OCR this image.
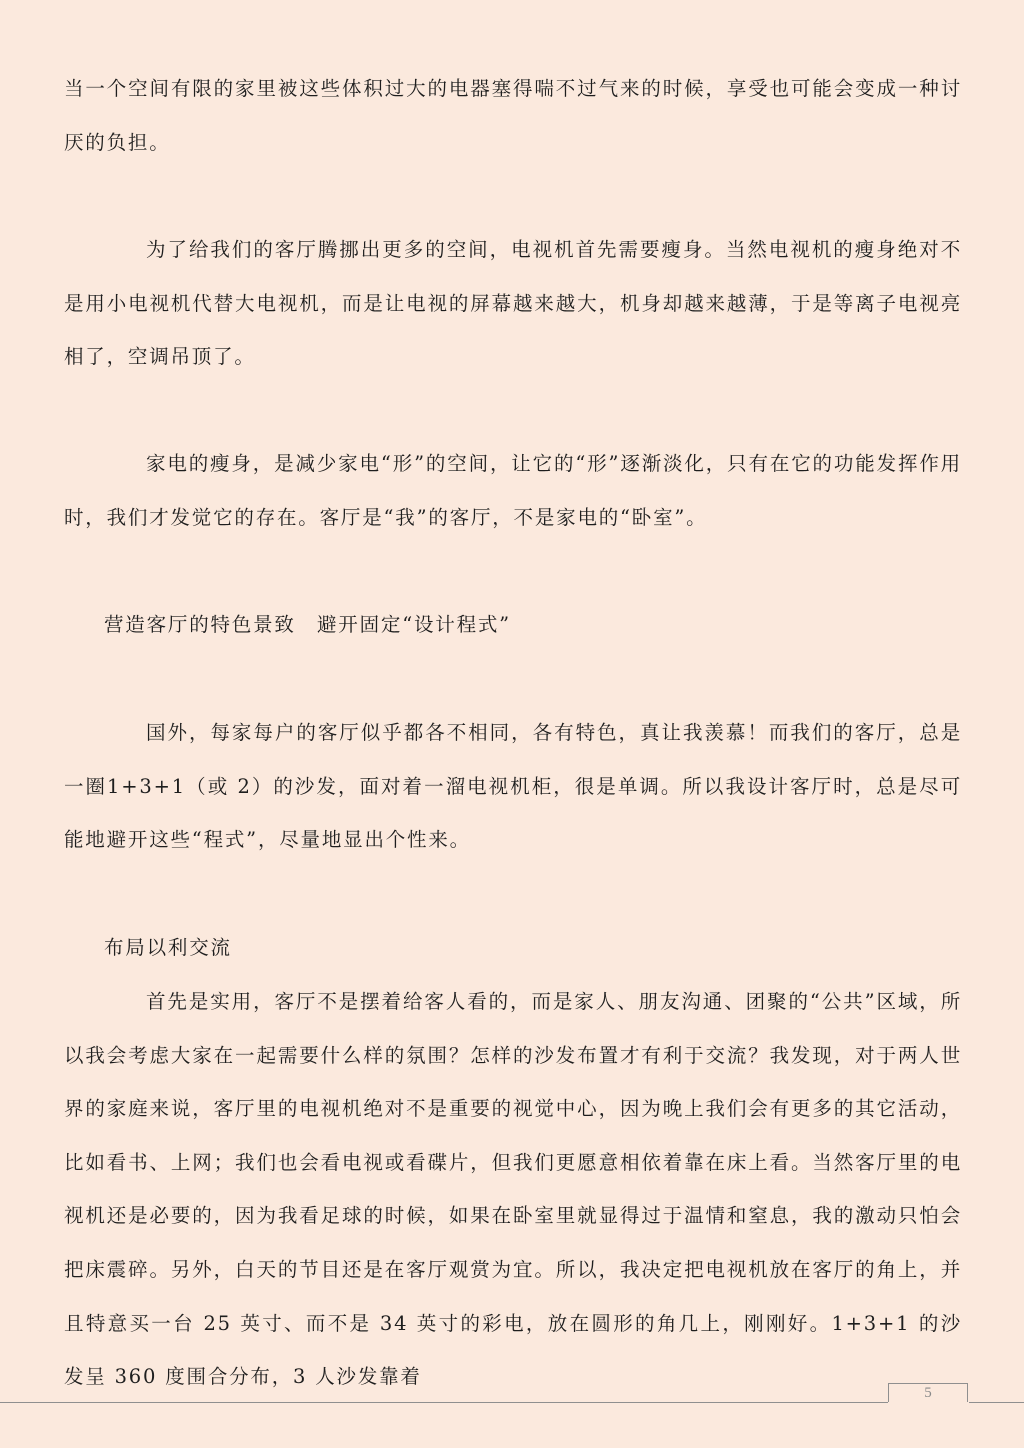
当一个空间有限的家里被这些体积过大的电器塞得喘不过气来的时候，享受也可能会变成一种讨厌的负担。

为了给我们的客厅腾挪出更多的空间，电视机首先需要瘦身。当然电视机的瘦身绝对不是用小电视机代替大电视机，而是让电视的屏幕越来越大，机身却越来越薄，于是等离子电视亮相了，空调吊顶了。

家电的瘦身，是减少家电“形”的空间，让它的“形”逐渐淡化，只有在它的功能发挥作用时，我们才发觉它的存在。客厅是“我”的客厅，不是家电的“卧室”。

营造客厅的特色景致　避开固定“设计程式”

国外，每家每户的客厅似乎都各不相同，各有特色，真让我羡慕！而我们的客厅，总是一圈1+3+1（或 2）的沙发，面对着一溜电视机柜，很是单调。所以我设计客厅时，总是尽可能地避开这些“程式”，尽量地显出个性来。

布局以利交流

首先是实用，客厅不是摆着给客人看的，而是家人、朋友沟通、团聚的“公共”区域，所以我会考虑大家在一起需要什么样的氛围？怎样的沙发布置才有利于交流？我发现，对于两人世界的家庭来说，客厅里的电视机绝对不是重要的视觉中心，因为晚上我们会有更多的其它活动，比如看书、上网；我们也会看电视或看碟片，但我们更愿意相依着靠在床上看。当然客厅里的电视机还是必要的，因为我看足球的时候，如果在卧室里就显得过于温情和窒息，我的激动只怕会把床震碎。另外，白天的节目还是在客厅观赏为宜。所以，我决定把电视机放在客厅的角上，并且特意买一台 25 英寸、而不是 34 英寸的彩电，放在圆形的角几上，刚刚好。1+3+1 的沙发呈 360 度围合分布，3 人沙发靠着

5
